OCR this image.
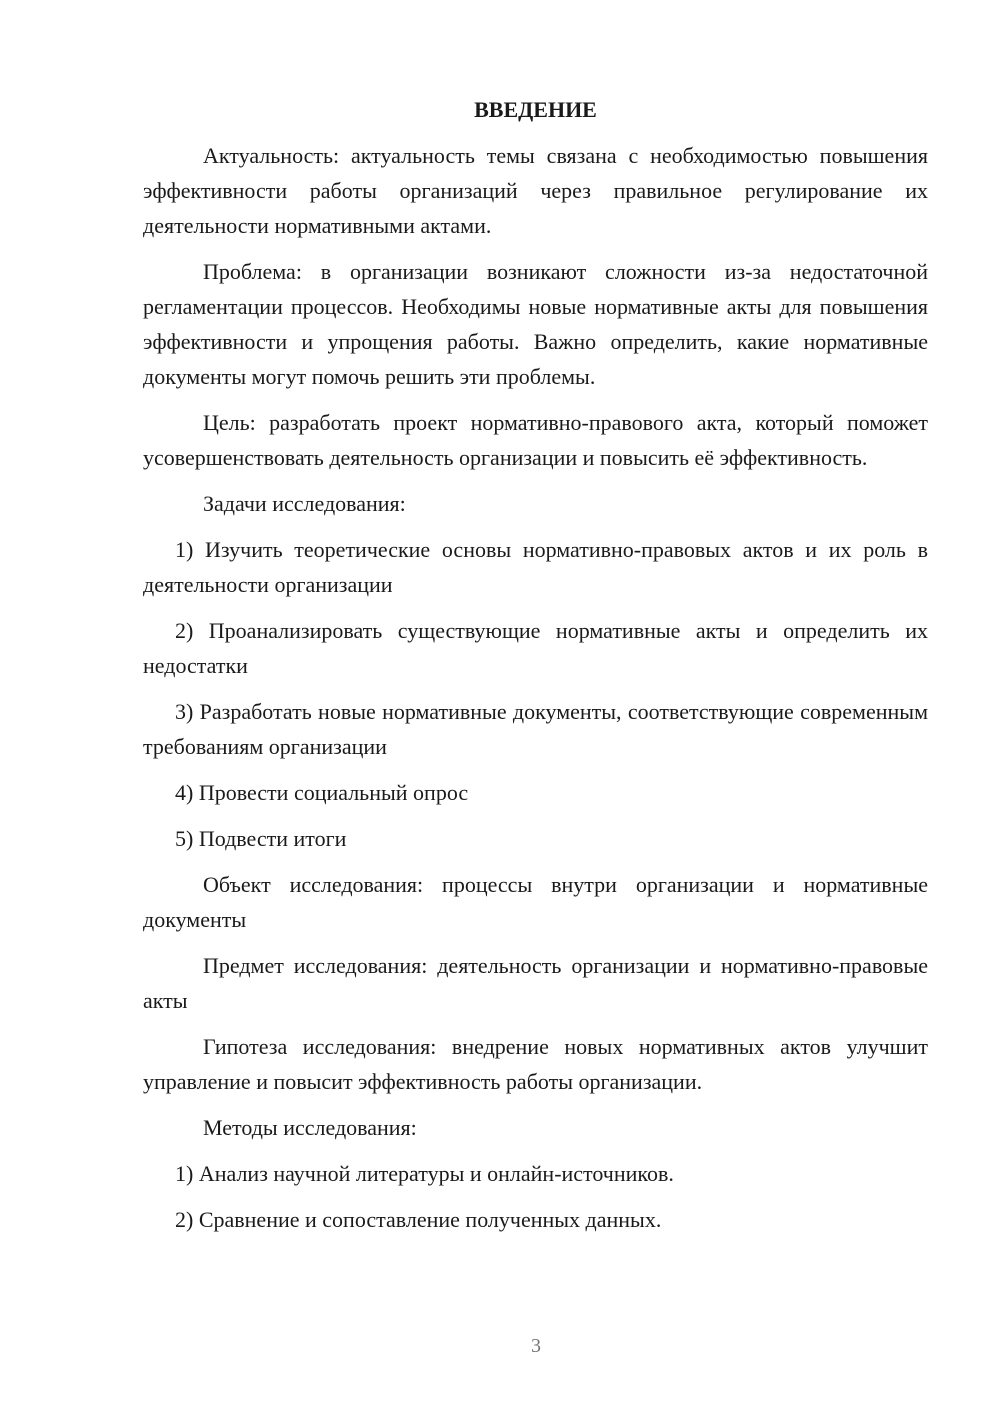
ВВЕДЕНИЕ

Актуальность: актуальность темы связана с необходимостью повышения эффективности работы организаций через правильное регулирование их деятельности нормативными актами.

Проблема: в организации возникают сложности из-за недостаточной регламентации процессов. Необходимы новые нормативные акты для повышения эффективности и упрощения работы. Важно определить, какие нормативные документы могут помочь решить эти проблемы.

Цель: разработать проект нормативно-правового акта, который поможет усовершенствовать деятельность организации и повысить её эффективность.

Задачи исследования:

1) Изучить теоретические основы нормативно-правовых актов и их роль в деятельности организации

2) Проанализировать существующие нормативные акты и определить их недостатки

3) Разработать новые нормативные документы, соответствующие современным требованиям организации

4) Провести социальный опрос

5) Подвести итоги

Объект исследования: процессы внутри организации и нормативные документы

Предмет исследования: деятельность организации и нормативно-правовые акты

Гипотеза исследования: внедрение новых нормативных актов улучшит управление и повысит эффективность работы организации.

Методы исследования:

1) Анализ научной литературы и онлайн-источников.

2) Сравнение и сопоставление полученных данных.

3
